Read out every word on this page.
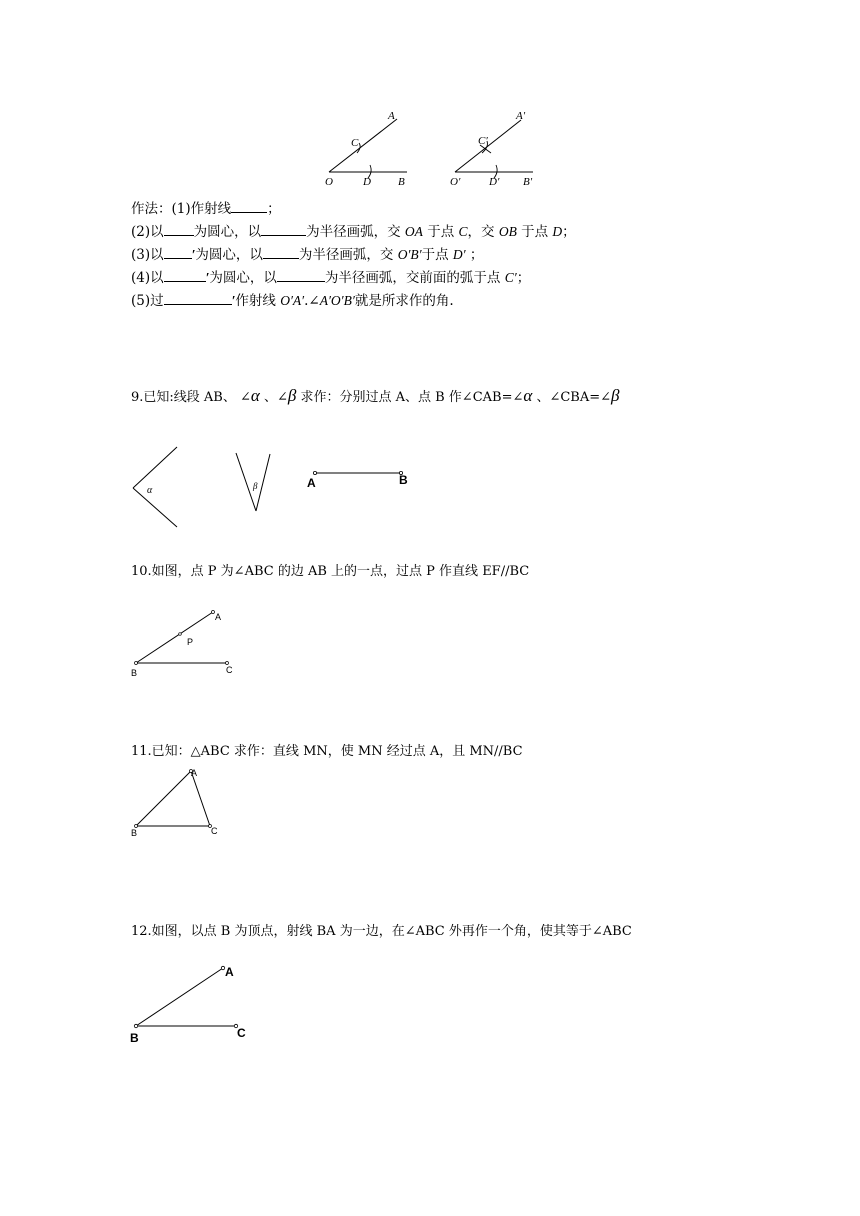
A
C
O	D B
A′
C′
O′	D′ B′
作法：(1)作射线	；
(2)以 为圆心，以	为半径画弧，交 OA 于点 C，交 OB 于点 D；
(3)以 ′为圆心，以	为半径画弧，交 O′B′于点 D′ ；
(4)以	′为圆心，以	为半径画弧，交前面的弧于点 C′；
(5)过	′作射线 O′A′.∠A′O′B′就是所求作的角.
9.已知:线段 AB、 ∠α 、∠β 求作：分别过点 A、点 B 作∠CAB=∠α 、∠CBA=∠β
α	β	A	B
10.如图，点 P 为∠ABC 的边 AB 上的一点，过点 P 作直线 EF//BC
A
P
B	C
11.已知：△ABC 求作：直线 MN，使 MN 经过点 A，且 MN//BC
A
B	C
12.如图，以点 B 为顶点，射线 BA 为一边，在∠ABC 外再作一个角，使其等于∠ABC
A
B	C
